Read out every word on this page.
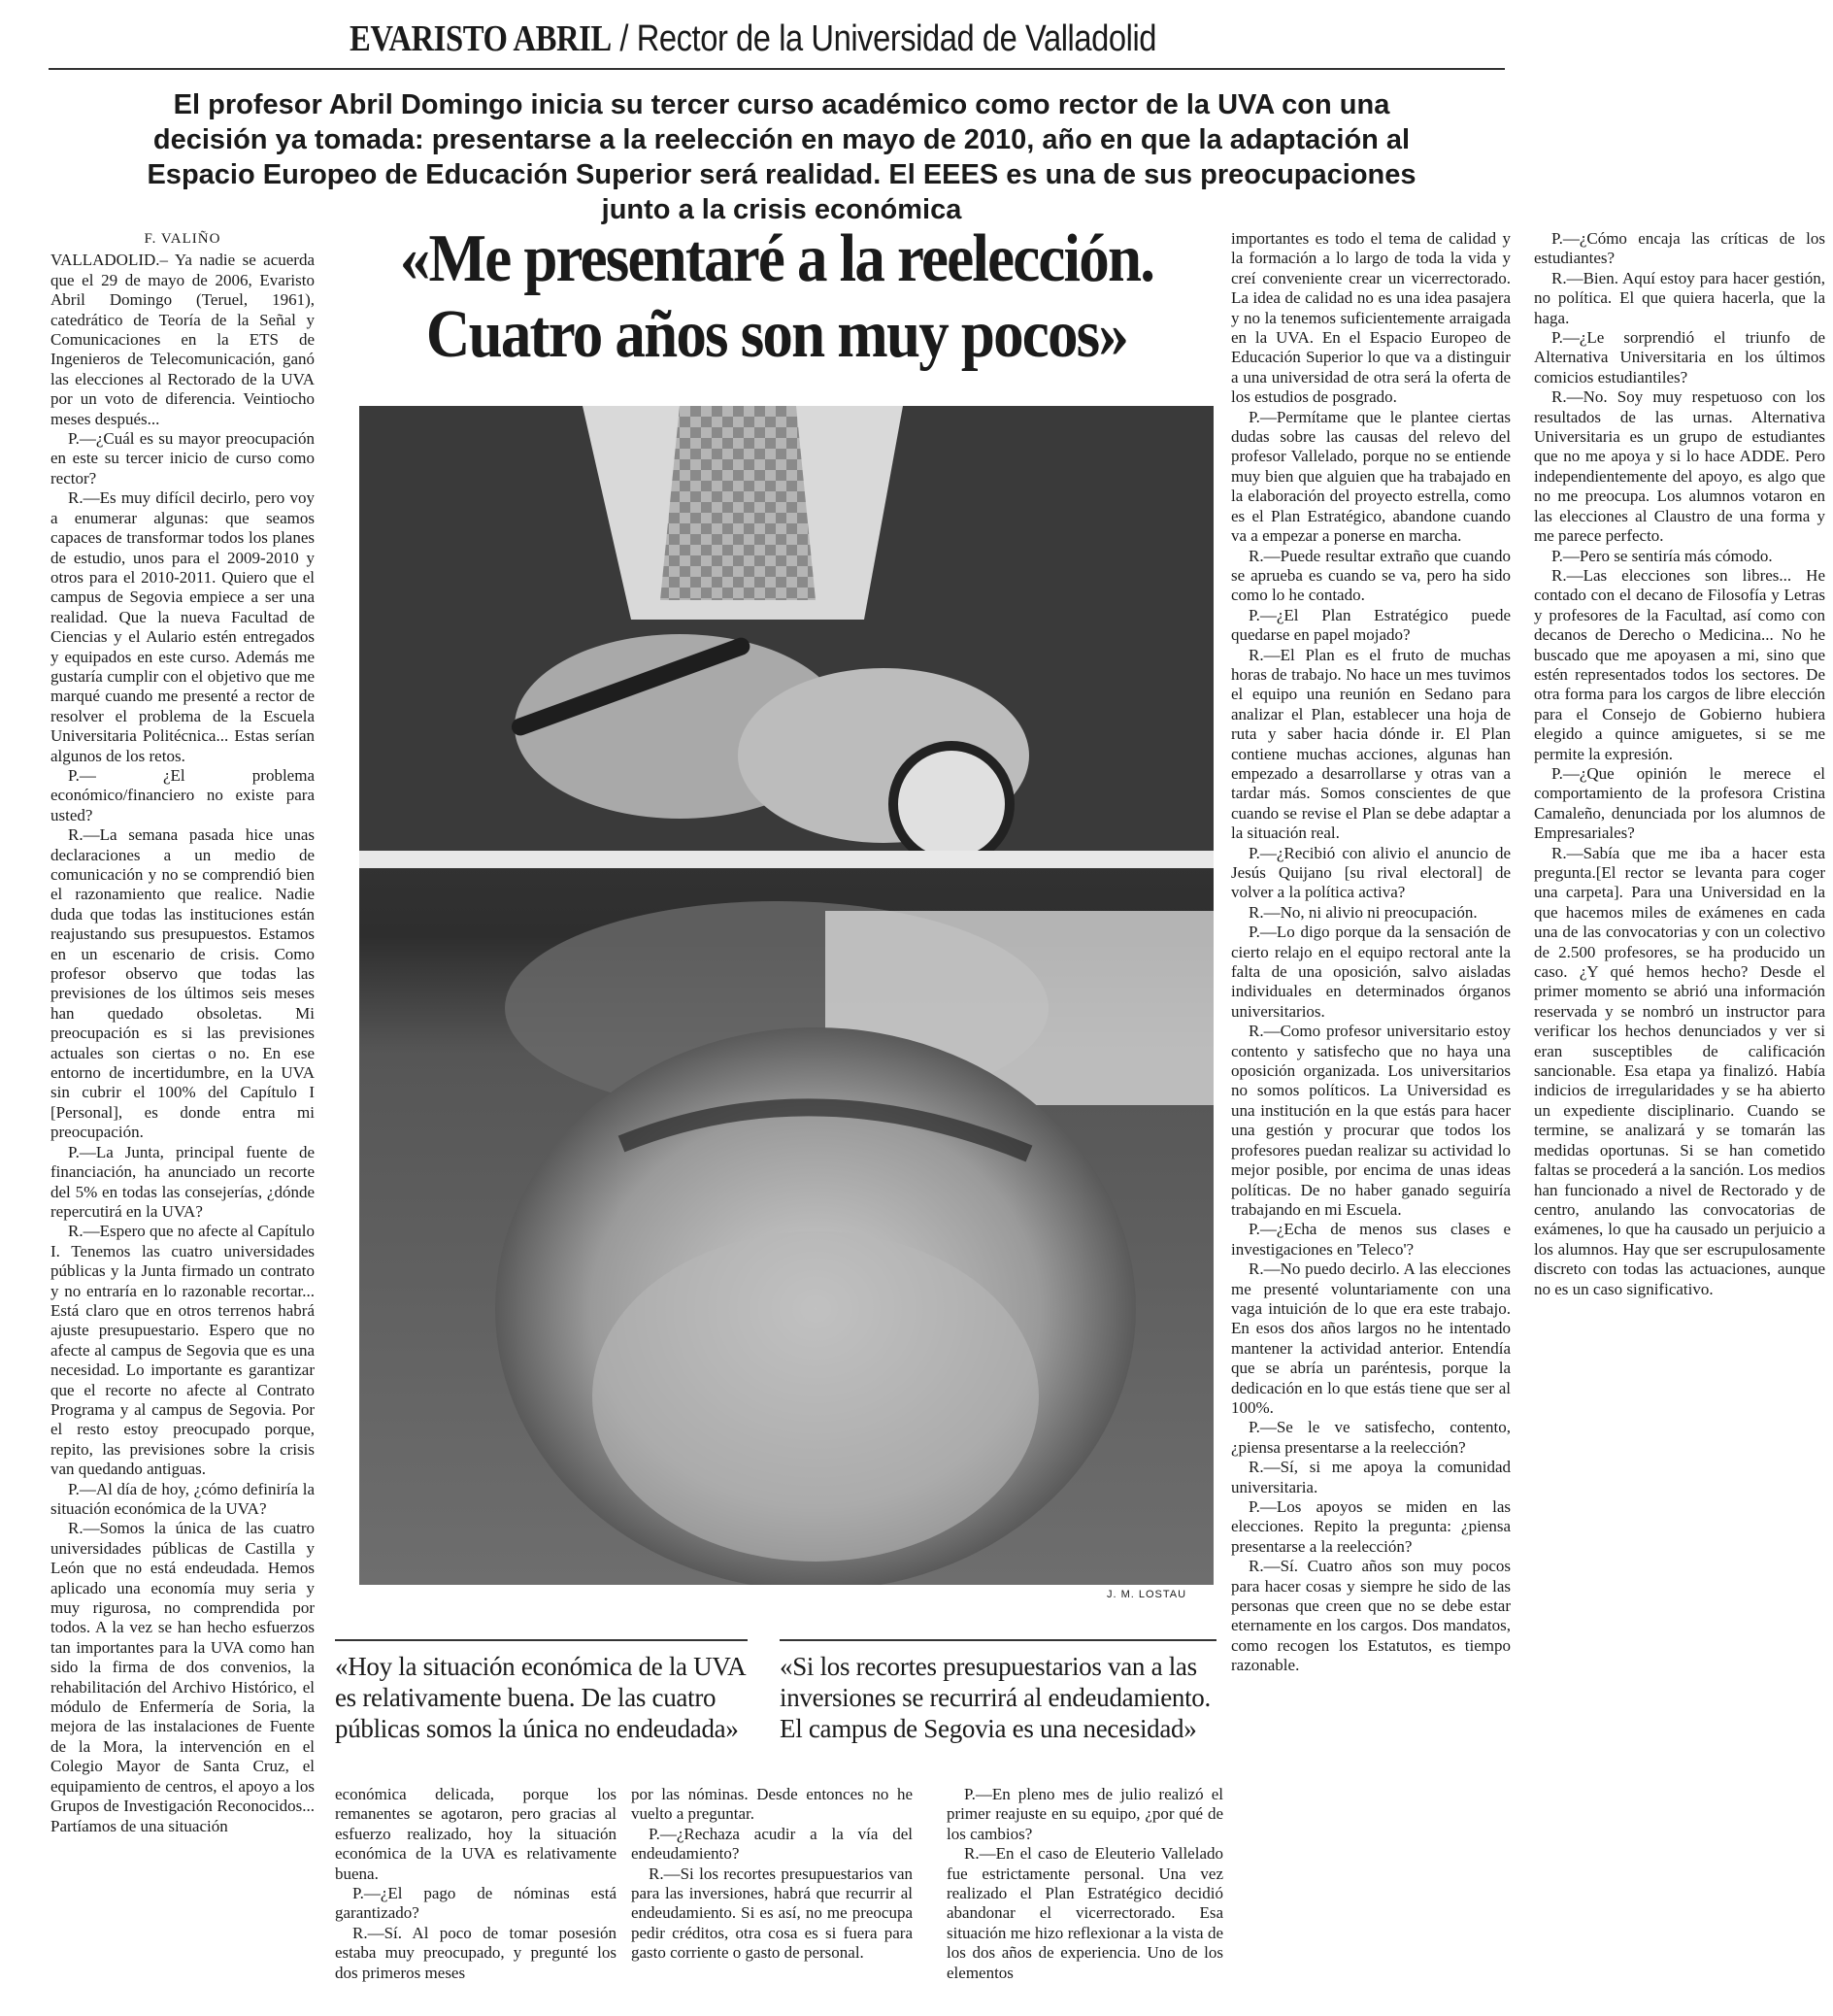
EVARISTO ABRIL / Rector de la Universidad de Valladolid
El profesor Abril Domingo inicia su tercer curso académico como rector de la UVA con una decisión ya tomada: presentarse a la reelección en mayo de 2010, año en que la adaptación al Espacio Europeo de Educación Superior será realidad. El EEES es una de sus preocupaciones junto a la crisis económica
«Me presentaré a la reelección.
Cuatro años son muy pocos»
F. VALIÑO

VALLADOLID.– Ya nadie se acuerda que el 29 de mayo de 2006, Evaristo Abril Domingo (Teruel, 1961), catedrático de Teoría de la Señal y Comunicaciones en la ETS de Ingenieros de Telecomunicación, ganó las elecciones al Rectorado de la UVA por un voto de diferencia. Veintiocho meses después...

P.—¿Cuál es su mayor preocupación en este su tercer inicio de curso como rector?

R.—Es muy difícil decirlo, pero voy a enumerar algunas: que seamos capaces de transformar todos los planes de estudio, unos para el 2009-2010 y otros para el 2010-2011. Quiero que el campus de Segovia empiece a ser una realidad. Que la nueva Facultad de Ciencias y el Aulario estén entregados y equipados en este curso. Además me gustaría cumplir con el objetivo que me marqué cuando me presenté a rector de resolver el problema de la Escuela Universitaria Politécnica... Estas serían algunos de los retos.

P.— ¿El problema económico/financiero no existe para usted?

R.—La semana pasada hice unas declaraciones a un medio de comunicación y no se comprendió bien el razonamiento que realice. Nadie duda que todas las instituciones están reajustando sus presupuestos. Estamos en un escenario de crisis. Como profesor observo que todas las previsiones de los últimos seis meses han quedado obsoletas. Mi preocupación es si las previsiones actuales son ciertas o no. En ese entorno de incertidumbre, en la UVA sin cubrir el 100% del Capítulo I [Personal], es donde entra mi preocupación.

P.—La Junta, principal fuente de financiación, ha anunciado un recorte del 5% en todas las consejerías, ¿dónde repercutirá en la UVA?

R.—Espero que no afecte al Capítulo I. Tenemos las cuatro universidades públicas y la Junta firmado un contrato y no entraría en lo razonable recortar... Está claro que en otros terrenos habrá ajuste presupuestario. Espero que no afecte al campus de Segovia que es una necesidad. Lo importante es garantizar que el recorte no afecte al Contrato Programa y al campus de Segovia. Por el resto estoy preocupado porque, repito, las previsiones sobre la crisis van quedando antiguas.

P.—Al día de hoy, ¿cómo definiría la situación económica de la UVA?

R.—Somos la única de las cuatro universidades públicas de Castilla y León que no está endeudada. Hemos aplicado una economía muy seria y muy rigurosa, no comprendida por todos. A la vez se han hecho esfuerzos tan importantes para la UVA como han sido la firma de dos convenios, la rehabilitación del Archivo Histórico, el módulo de Enfermería de Soria, la mejora de las instalaciones de Fuente de la Mora, la intervención en el Colegio Mayor de Santa Cruz, el equipamiento de centros, el apoyo a los Grupos de Investigación Reconocidos... Partíamos de una situación

J. M. LOSTAU
«Hoy la situación económica de la UVA es relativamente buena. De las cuatro públicas somos la única no endeudada»
«Si los recortes presupuestarios van a las inversiones se recurrirá al endeudamiento. El campus de Segovia es una necesidad»

económica delicada, porque los remanentes se agotaron, pero gracias al esfuerzo realizado, hoy la situación económica de la UVA es relativamente buena.

P.—¿El pago de nóminas está garantizado?

R.—Sí. Al poco de tomar posesión estaba muy preocupado, y pregunté los dos primeros meses

por las nóminas. Desde entonces no he vuelto a preguntar.

P.—¿Rechaza acudir a la vía del endeudamiento?

R.—Si los recortes presupuestarios van para las inversiones, habrá que recurrir al endeudamiento. Si es así, no me preocupa pedir créditos, otra cosa es si fuera para gasto corriente o gasto de personal.

P.—En pleno mes de julio realizó el primer reajuste en su equipo, ¿por qué de los cambios?

R.—En el caso de Eleuterio Vallelado fue estrictamente personal. Una vez realizado el Plan Estratégico decidió abandonar el vicerrectorado. Esa situación me hizo reflexionar a la vista de los dos años de experiencia. Uno de los elementos

importantes es todo el tema de calidad y la formación a lo largo de toda la vida y creí conveniente crear un vicerrectorado. La idea de calidad no es una idea pasajera y no la tenemos suficientemente arraigada en la UVA. En el Espacio Europeo de Educación Superior lo que va a distinguir a una universidad de otra será la oferta de los estudios de posgrado.

P.—Permítame que le plantee ciertas dudas sobre las causas del relevo del profesor Vallelado, porque no se entiende muy bien que alguien que ha trabajado en la elaboración del proyecto estrella, como es el Plan Estratégico, abandone cuando va a empezar a ponerse en marcha.

R.—Puede resultar extraño que cuando se aprueba es cuando se va, pero ha sido como lo he contado.

P.—¿El Plan Estratégico puede quedarse en papel mojado?

R.—El Plan es el fruto de muchas horas de trabajo. No hace un mes tuvimos el equipo una reunión en Sedano para analizar el Plan, establecer una hoja de ruta y saber hacia dónde ir. El Plan contiene muchas acciones, algunas han empezado a desarrollarse y otras van a tardar más. Somos conscientes de que cuando se revise el Plan se debe adaptar a la situación real.

P.—¿Recibió con alivio el anuncio de Jesús Quijano [su rival electoral] de volver a la política activa?

R.—No, ni alivio ni preocupación.

P.—Lo digo porque da la sensación de cierto relajo en el equipo rectoral ante la falta de una oposición, salvo aisladas individuales en determinados órganos universitarios.

R.—Como profesor universitario estoy contento y satisfecho que no haya una oposición organizada. Los universitarios no somos políticos. La Universidad es una institución en la que estás para hacer una gestión y procurar que todos los profesores puedan realizar su actividad lo mejor posible, por encima de unas ideas políticas. De no haber ganado seguiría trabajando en mi Escuela.

P.—¿Echa de menos sus clases e investigaciones en 'Teleco'?

R.—No puedo decirlo. A las elecciones me presenté voluntariamente con una vaga intuición de lo que era este trabajo. En esos dos años largos no he intentado mantener la actividad anterior. Entendía que se abría un paréntesis, porque la dedicación en lo que estás tiene que ser al 100%.

P.—Se le ve satisfecho, contento, ¿piensa presentarse a la reelección?

R.—Sí, si me apoya la comunidad universitaria.

P.—Los apoyos se miden en las elecciones. Repito la pregunta: ¿piensa presentarse a la reelección?

R.—Sí. Cuatro años son muy pocos para hacer cosas y siempre he sido de las personas que creen que no se debe estar eternamente en los cargos. Dos mandatos, como recogen los Estatutos, es tiempo razonable.

P.—¿Cómo encaja las críticas de los estudiantes?

R.—Bien. Aquí estoy para hacer gestión, no política. El que quiera hacerla, que la haga.

P.—¿Le sorprendió el triunfo de Alternativa Universitaria en los últimos comicios estudiantiles?

R.—No. Soy muy respetuoso con los resultados de las urnas. Alternativa Universitaria es un grupo de estudiantes que no me apoya y si lo hace ADDE. Pero independientemente del apoyo, es algo que no me preocupa. Los alumnos votaron en las elecciones al Claustro de una forma y me parece perfecto.

P.—Pero se sentiría más cómodo.

R.—Las elecciones son libres... He contado con el decano de Filosofía y Letras y profesores de la Facultad, así como con decanos de Derecho o Medicina... No he buscado que me apoyasen a mi, sino que estén representados todos los sectores. De otra forma para los cargos de libre elección para el Consejo de Gobierno hubiera elegido a quince amiguetes, si se me permite la expresión.

P.—¿Que opinión le merece el comportamiento de la profesora Cristina Camaleño, denunciada por los alumnos de Empresariales?

R.—Sabía que me iba a hacer esta pregunta.[El rector se levanta para coger una carpeta]. Para una Universidad en la que hacemos miles de exámenes en cada una de las convocatorias y con un colectivo de 2.500 profesores, se ha producido un caso. ¿Y qué hemos hecho? Desde el primer momento se abrió una información reservada y se nombró un instructor para verificar los hechos denunciados y ver si eran susceptibles de calificación sancionable. Esa etapa ya finalizó. Había indicios de irregularidades y se ha abierto un expediente disciplinario. Cuando se termine, se analizará y se tomarán las medidas oportunas. Si se han cometido faltas se procederá a la sanción. Los medios han funcionado a nivel de Rectorado y de centro, anulando las convocatorias de exámenes, lo que ha causado un perjuicio a los alumnos. Hay que ser escrupulosamente discreto con todas las actuaciones, aunque no es un caso significativo.
